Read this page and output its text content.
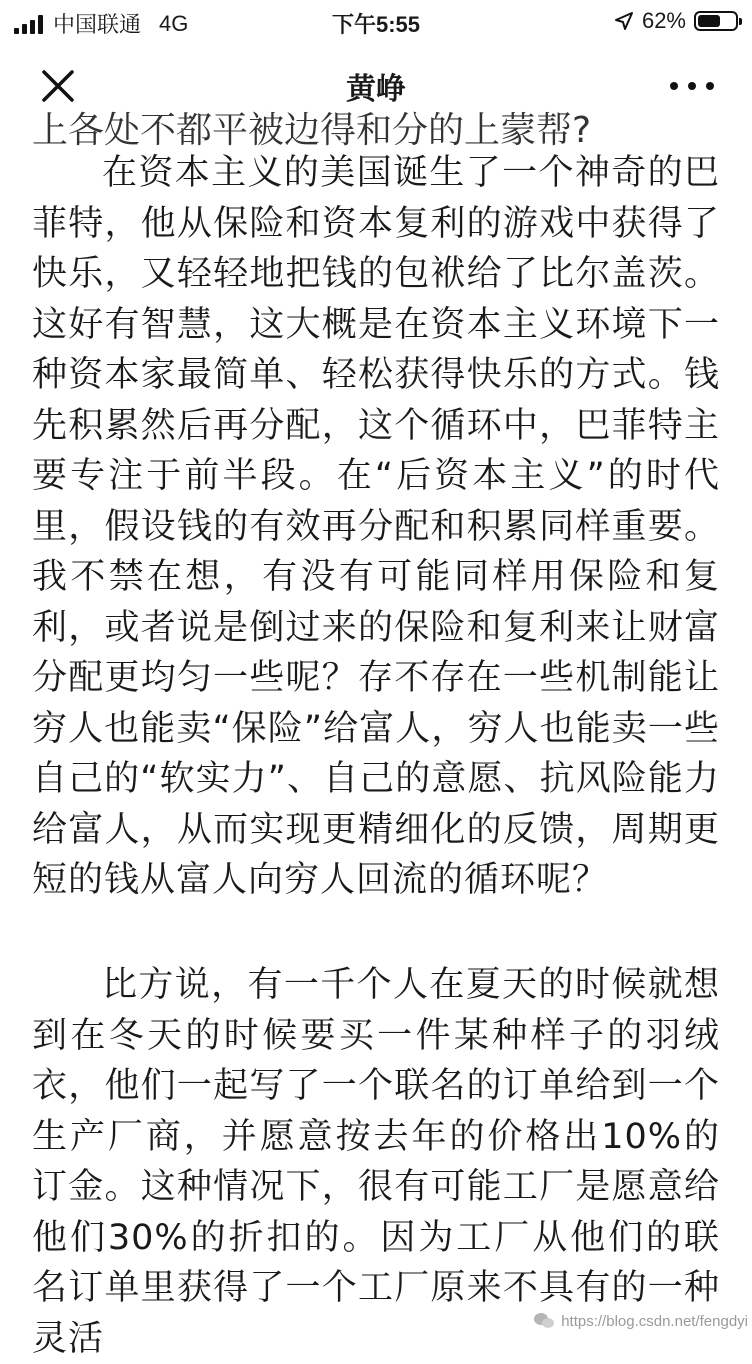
中国联通 4G	下午5:55	62%
黄峥
上各处不都平被边得和分的上蒙帮?

在资本主义的美国诞生了一个神奇的巴菲特，他从保险和资本复利的游戏中获得了快乐，又轻轻地把钱的包袱给了比尔盖茨。这好有智慧，这大概是在资本主义环境下一种资本家最简单、轻松获得快乐的方式。钱先积累然后再分配，这个循环中，巴菲特主要专注于前半段。在“后资本主义”的时代里，假设钱的有效再分配和积累同样重要。我不禁在想，有没有可能同样用保险和复利，或者说是倒过来的保险和复利来让财富分配更均匀一些呢？存不存在一些机制能让穷人也能卖“保险”给富人，穷人也能卖一些自己的“软实力”、自己的意愿、抗风险能力给富人，从而实现更精细化的反馈，周期更短的钱从富人向穷人回流的循环呢？

比方说，有一千个人在夏天的时候就想到在冬天的时候要买一件某种样子的羽绒衣，他们一起写了一个联名的订单给到一个生产厂商，并愿意按去年的价格出10%的订金。这种情况下，很有可能工厂是愿意给他们30%的折扣的。因为工厂从他们的联名订单里获得了一个工厂原来不具有的一种灵活	https://blog.csdn.net/fengdyi
